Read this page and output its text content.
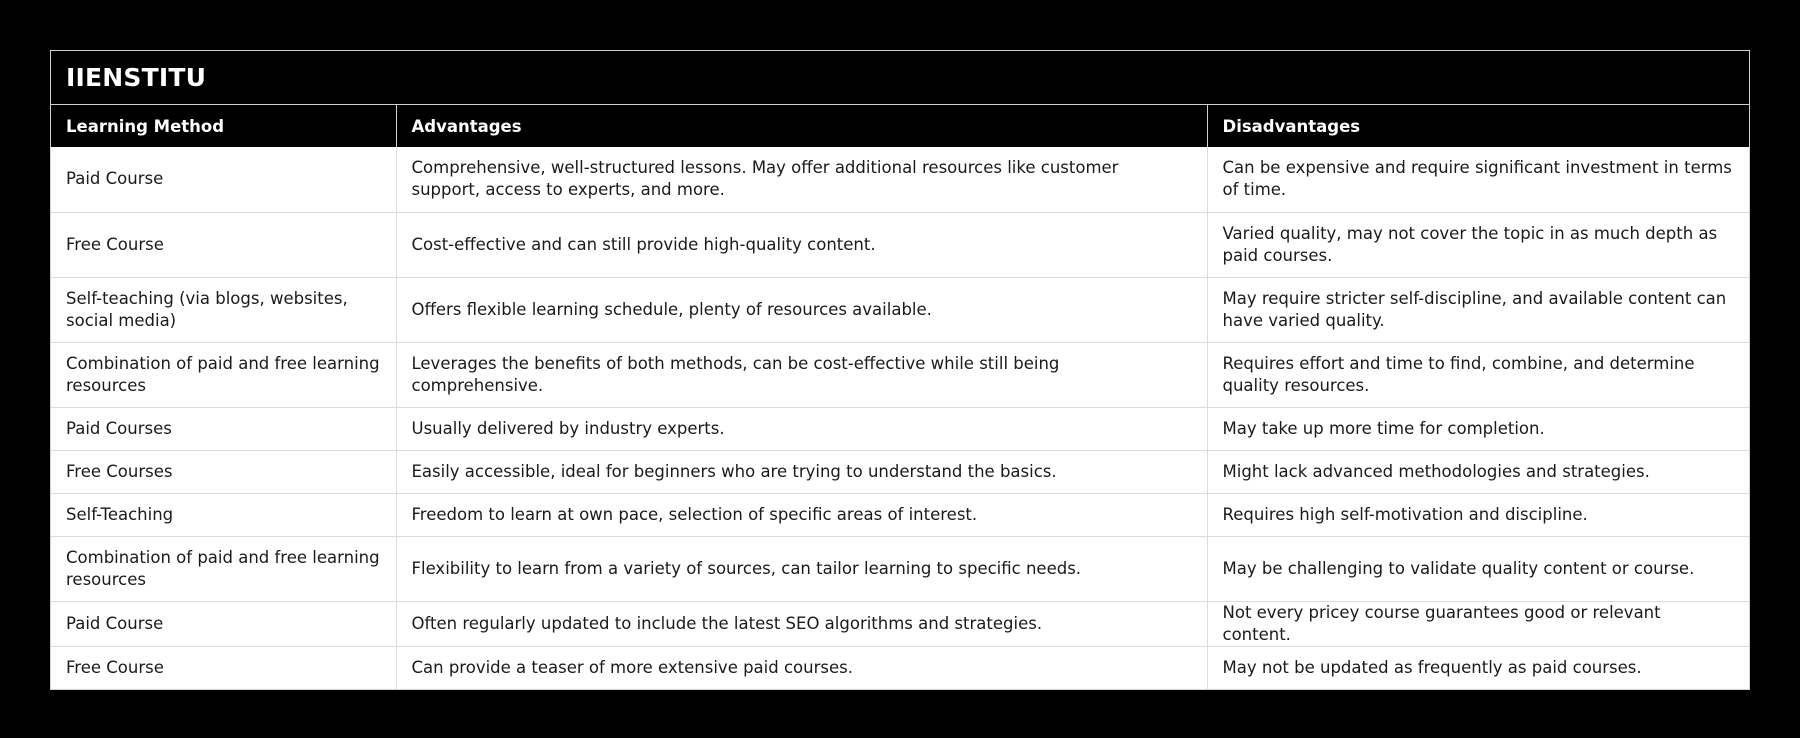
IIENSTITU
Learning Method	Advantages	Disadvantages
Paid Course	Comprehensive, well-structured lessons. May offer additional resources like customer support, access to experts, and more.	Can be expensive and require significant investment in terms of time.
Free Course	Cost-effective and can still provide high-quality content.	Varied quality, may not cover the topic in as much depth as paid courses.
Self-teaching (via blogs, websites, social media)	Offers flexible learning schedule, plenty of resources available.	May require stricter self-discipline, and available content can have varied quality.
Combination of paid and free learning resources	Leverages the benefits of both methods, can be cost-effective while still being comprehensive.	Requires effort and time to find, combine, and determine quality resources.
Paid Courses	Usually delivered by industry experts.	May take up more time for completion.
Free Courses	Easily accessible, ideal for beginners who are trying to understand the basics.	Might lack advanced methodologies and strategies.
Self-Teaching	Freedom to learn at own pace, selection of specific areas of interest.	Requires high self-motivation and discipline.
Combination of paid and free learning resources	Flexibility to learn from a variety of sources, can tailor learning to specific needs.	May be challenging to validate quality content or course.
Paid Course	Often regularly updated to include the latest SEO algorithms and strategies.	Not every pricey course guarantees good or relevant content.
Free Course	Can provide a teaser of more extensive paid courses.	May not be updated as frequently as paid courses.
